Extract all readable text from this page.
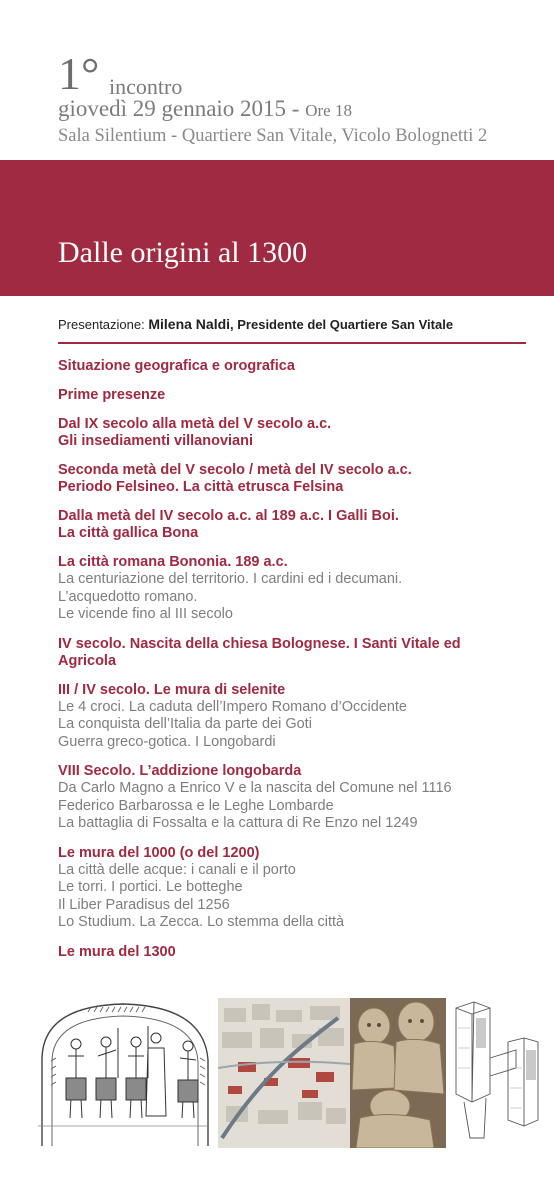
1° incontro
giovedì 29 gennaio 2015 - Ore 18
Sala Silentium - Quartiere San Vitale, Vicolo Bolognetti 2
Dalle origini al 1300
Presentazione: Milena Naldi, Presidente del Quartiere San Vitale
Situazione geografica e orografica
Prime presenze
Dal IX secolo alla metà del V secolo a.c.
Gli insediamenti villanoviani
Seconda metà del V secolo / metà del IV secolo a.c.
Periodo Felsineo. La città etrusca Felsina
Dalla metà del IV secolo a.c. al 189 a.c. I Galli Boi.
La città gallica Bona
La città romana Bononia. 189 a.c.
La centuriazione del territorio. I cardini ed i decumani.
L’acquedotto romano.
Le vicende fino al III secolo
IV secolo. Nascita della chiesa Bolognese. I Santi Vitale ed
Agricola
III / IV secolo. Le mura di selenite
Le 4 croci. La caduta dell’Impero Romano d’Occidente
La conquista dell’Italia da parte dei Goti
Guerra greco-gotica. I Longobardi
VIII Secolo. L’addizione longobarda
Da Carlo Magno a Enrico V e la nascita del Comune nel 1116
Federico Barbarossa e le Leghe Lombarde
La battaglia di Fossalta e la cattura di Re Enzo nel 1249
Le mura del 1000 (o del 1200)
La città delle acque: i canali e il porto
Le torri. I portici. Le botteghe
Il Liber Paradisus del 1256
Lo Studium. La Zecca. Lo stemma della città
Le mura del 1300
